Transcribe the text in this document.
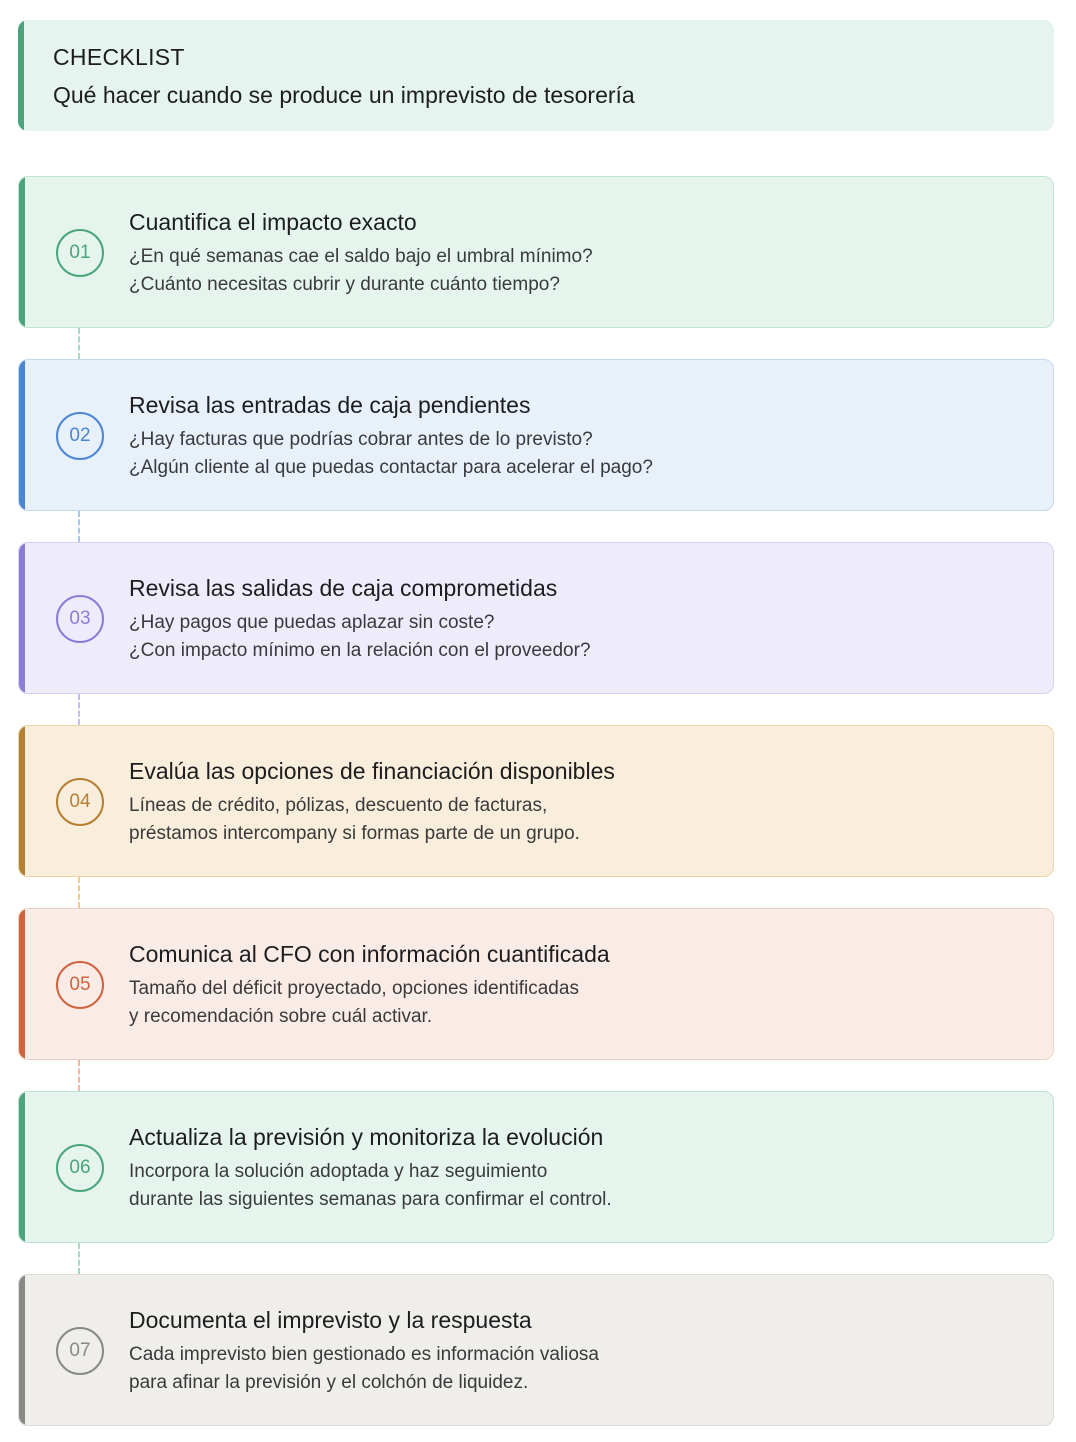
CHECKLIST
Qué hacer cuando se produce un imprevisto de tesorería
01
Cuantifica el impacto exacto
¿En qué semanas cae el saldo bajo el umbral mínimo?
¿Cuánto necesitas cubrir y durante cuánto tiempo?
02
Revisa las entradas de caja pendientes
¿Hay facturas que podrías cobrar antes de lo previsto?
¿Algún cliente al que puedas contactar para acelerar el pago?
03
Revisa las salidas de caja comprometidas
¿Hay pagos que puedas aplazar sin coste?
¿Con impacto mínimo en la relación con el proveedor?
04
Evalúa las opciones de financiación disponibles
Líneas de crédito, pólizas, descuento de facturas,
préstamos intercompany si formas parte de un grupo.
05
Comunica al CFO con información cuantificada
Tamaño del déficit proyectado, opciones identificadas
y recomendación sobre cuál activar.
06
Actualiza la previsión y monitoriza la evolución
Incorpora la solución adoptada y haz seguimiento
durante las siguientes semanas para confirmar el control.
07
Documenta el imprevisto y la respuesta
Cada imprevisto bien gestionado es información valiosa
para afinar la previsión y el colchón de liquidez.
